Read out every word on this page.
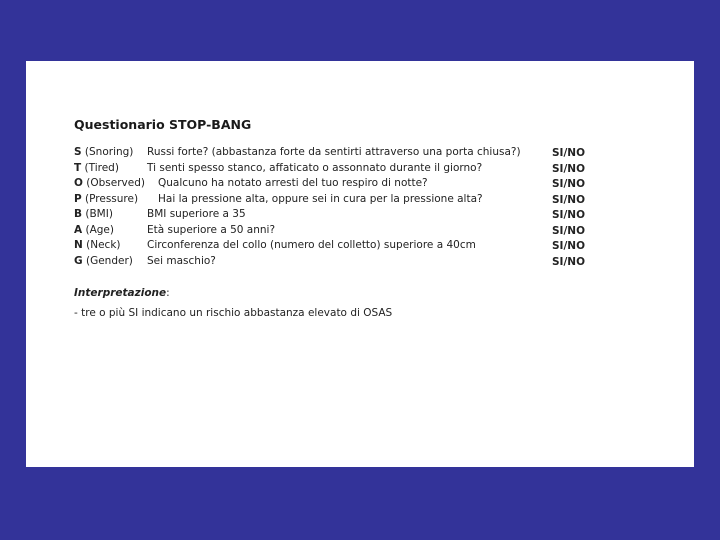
Questionario STOP-BANG
S (Snoring) Russi forte? (abbastanza forte da sentirti attraverso una porta chiusa?)	SI/NO
T (Tired)	Ti senti spesso stanco, affaticato o assonnato durante il giorno?	SI/NO
O (Observed) Qualcuno ha notato arresti del tuo respiro di notte?	SI/NO
P (Pressure) Hai la pressione alta, oppure sei in cura per la pressione alta?	SI/NO
B (BMI)	BMI superiore a 35	SI/NO
A (Age)	Età superiore a 50 anni?	SI/NO
N (Neck)	Circonferenza del collo (numero del colletto) superiore a 40cm	SI/NO
G (Gender) Sei maschio?	SI/NO
Interpretazione:
- tre o più SI indicano un rischio abbastanza elevato di OSAS
